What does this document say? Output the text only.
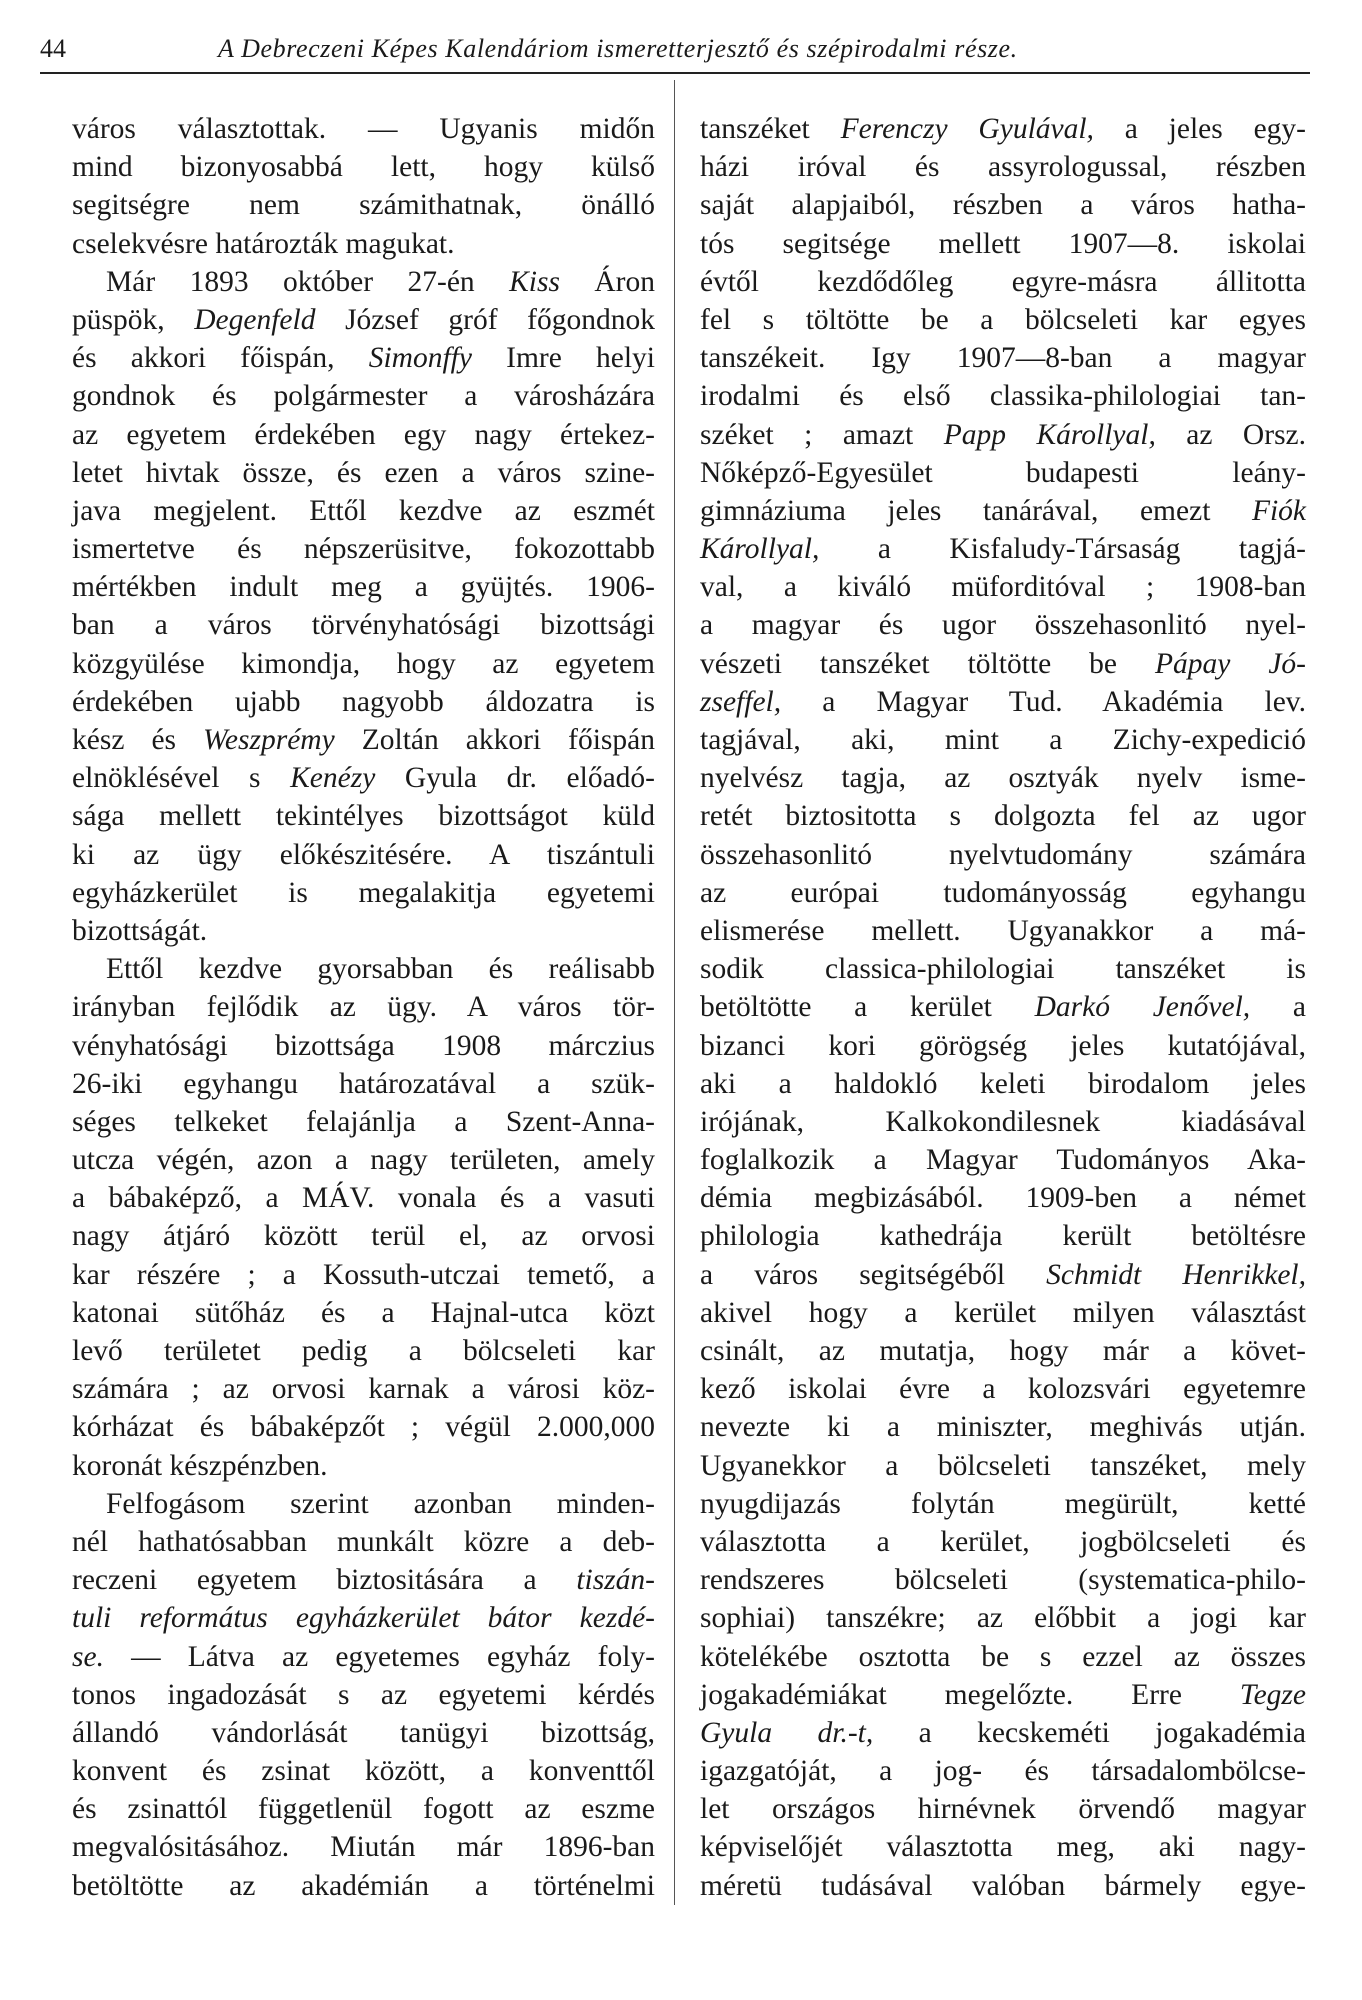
44	A Debreczeni Képes Kalendáriom ismeretterjesztő és szépirodalmi része.
város választottak. — Ugyanis midőn
mind bizonyosabbá lett, hogy külső
segitségre nem számithatnak, önálló
cselekvésre határozták magukat.
Már 1893 október 27-én Kiss Áron
püspök, Degenfeld József gróf főgondnok
és akkori főispán, Simonffy Imre helyi
gondnok és polgármester a városházára
az egyetem érdekében egy nagy értekez-
letet hivtak össze, és ezen a város szine-
java megjelent. Ettől kezdve az eszmét
ismertetve és népszerüsitve, fokozottabb
mértékben indult meg a gyüjtés. 1906-
ban a város törvényhatósági bizottsági
közgyülése kimondja, hogy az egyetem
érdekében ujabb nagyobb áldozatra is
kész és Weszprémy Zoltán akkori főispán
elnöklésével s Kenézy Gyula dr. előadó-
sága mellett tekintélyes bizottságot küld
ki az ügy előkészitésére. A tiszántuli
egyházkerület is megalakitja egyetemi
bizottságát.
Ettől kezdve gyorsabban és reálisabb
irányban fejlődik az ügy. A város tör-
vényhatósági bizottsága 1908 márczius
26-iki egyhangu határozatával a szük-
séges telkeket felajánlja a Szent-Anna-
utcza végén, azon a nagy területen, amely
a bábaképző, a MÁV. vonala és a vasuti
nagy átjáró között terül el, az orvosi
kar részére ; a Kossuth-utczai temető, a
katonai sütőház és a Hajnal-utca közt
levő területet pedig a bölcseleti kar
számára ; az orvosi karnak a városi köz-
kórházat és bábaképzőt ; végül 2.000,000
koronát készpénzben.
Felfogásom szerint azonban minden-
nél hathatósabban munkált közre a deb-
reczeni egyetem biztositására a tiszán-
tuli református egyházkerület bátor kezdé-
se. — Látva az egyetemes egyház foly-
tonos ingadozását s az egyetemi kérdés
állandó vándorlását tanügyi bizottság,
konvent és zsinat között, a konventtől
és zsinattól függetlenül fogott az eszme
megvalósitásához. Miután már 1896-ban
betöltötte az akadémián a történelmi
tanszéket Ferenczy Gyulával, a jeles egy-
házi iróval és assyrologussal, részben
saját alapjaiból, részben a város hatha-
tós segitsége mellett 1907—8. iskolai
évtől kezdődőleg egyre-másra állitotta
fel s töltötte be a bölcseleti kar egyes
tanszékeit. Igy 1907—8-ban a magyar
irodalmi és első classika-philologiai tan-
széket ; amazt Papp Károllyal, az Orsz.
Nőképző-Egyesület budapesti leány-
gimnáziuma jeles tanárával, emezt Fiók
Károllyal, a Kisfaludy-Társaság tagjá-
val, a kiváló müforditóval ; 1908-ban
a magyar és ugor összehasonlitó nyel-
vészeti tanszéket töltötte be Pápay Jó-
zseffel, a Magyar Tud. Akadémia lev.
tagjával, aki, mint a Zichy-expedició
nyelvész tagja, az osztyák nyelv isme-
retét biztositotta s dolgozta fel az ugor
összehasonlitó nyelvtudomány számára
az európai tudományosság egyhangu
elismerése mellett. Ugyanakkor a má-
sodik classica-philologiai tanszéket is
betöltötte a kerület Darkó Jenővel, a
bizanci kori görögség jeles kutatójával,
aki a haldokló keleti birodalom jeles
irójának, Kalkokondilesnek kiadásával
foglalkozik a Magyar Tudományos Aka-
démia megbizásából. 1909-ben a német
philologia kathedrája került betöltésre
a város segitségéből Schmidt Henrikkel,
akivel hogy a kerület milyen választást
csinált, az mutatja, hogy már a követ-
kező iskolai évre a kolozsvári egyetemre
nevezte ki a miniszter, meghivás utján.
Ugyanekkor a bölcseleti tanszéket, mely
nyugdijazás folytán megürült, ketté
választotta a kerület, jogbölcseleti és
rendszeres bölcseleti (systematica-philo-
sophiai) tanszékre; az előbbit a jogi kar
kötelékébe osztotta be s ezzel az összes
jogakadémiákat megelőzte. Erre Tegze
Gyula dr.-t, a kecskeméti jogakadémia
igazgatóját, a jog- és társadalombölcse-
let országos hirnévnek örvendő magyar
képviselőjét választotta meg, aki nagy-
méretü tudásával valóban bármely egye-
